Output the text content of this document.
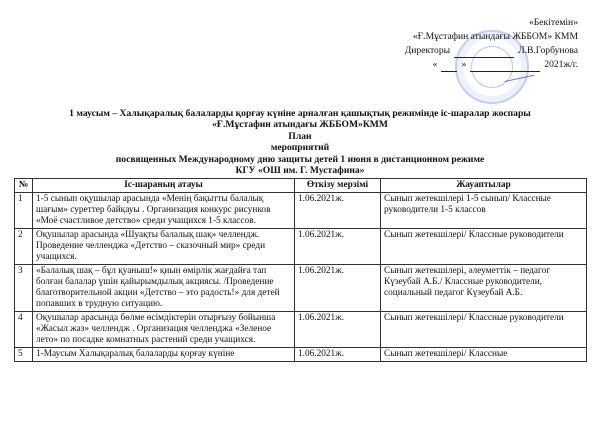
«Бекітемін»
«Ғ.Мұстафин атындағы ЖББОМ» КММ
Директоры	Л.В.Горбунова
«	»	2021ж/г.
1 маусым – Халықаралық балаларды қорғау күніне арналған қашықтық режимінде іс-шаралар жоспары
«Ғ.Мұстафин атындағы ЖББОМ»КММ
План
мероприятий
посвященных Международному дню защиты детей 1 июня в дистанционном режиме
КГУ «ОШ им. Г. Мустафина»
№	Іс-шараның атауы	Өткізу мерзімі	Жауаптылар
1	1-5 сынып оқушылар арасында «Менің бақытты балалық шағым» суреттер байқауы . Организация конкурс рисунков «Моё счастливое детство» среди учащихся 1-5 классов.	1.06.2021ж.	Сынып жетекшілері 1-5 сынып/ Классные руководители 1-5 классов
2	Оқушылар арасында «Шуақты балалық шақ» челлендж. Проведение челленджа «Детство – сказочный мир» среди учащихся.	1.06.2021ж.	Сынып жетекшілері/ Классные руководители
3	«Балалық шақ – бұл қуаныш!» қиын өмірлік жағдайға тап болған балалар үшін қайырымдылық акциясы. /Проведение благотворительной акции «Детство – это радость!» для детей попавших в трудную ситуацию.	1.06.2021ж.	Сынып жетекшілері, әлеуметтік – педагог Күзеубай А.Б./ Классные руководители, социальный педагог Күзеубай А.Б.
4	Оқушылар арасында бөлме өсімдіктерін отырғызу бойынша «Жасыл жаз» челлендж . Организация челленджа «Зеленое лето» по посадке комнатных растений среди учащихся.	1.06.2021ж.	Сынып жетекшілері/ Классные руководители
5	1-Маусым Халықаралық балаларды қорғау күніне	1.06.2021ж.	Сынып жетекшілері/ Классные
